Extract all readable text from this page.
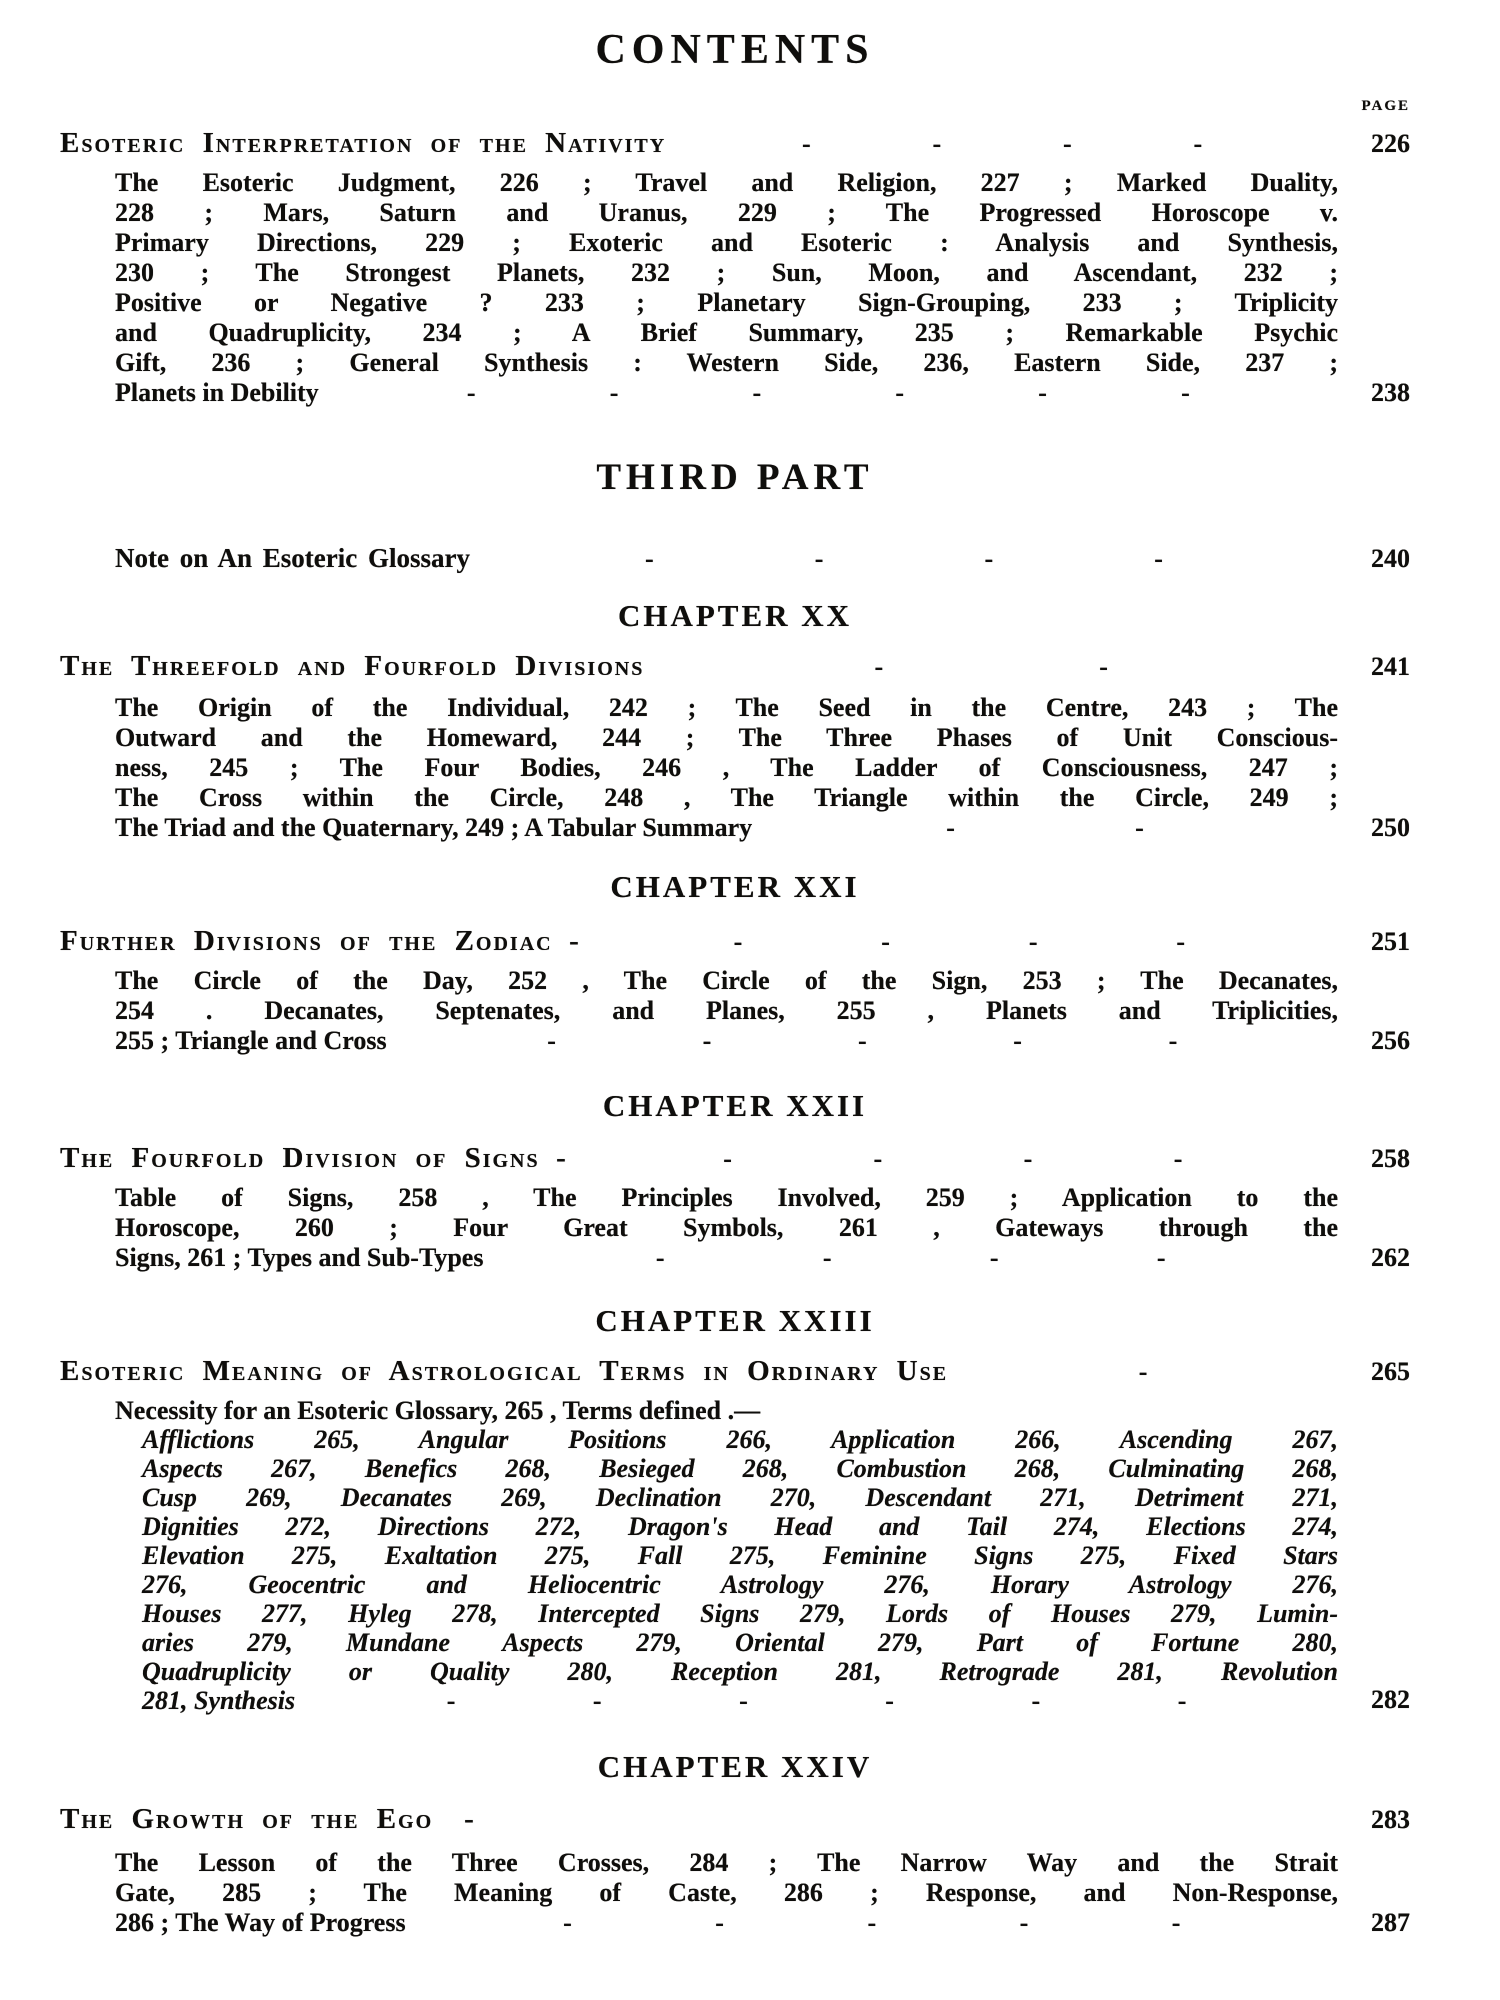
CONTENTS
PAGE
Esoteric Interpretation of the Nativity	-	-	-	-	226
The Esoteric Judgment, 226 ; Travel and Religion, 227 ; Marked Duality,
228 ; Mars, Saturn and Uranus, 229 ; The Progressed Horoscope v.
Primary Directions, 229 ; Exoteric and Esoteric : Analysis and Synthesis,
230 ; The Strongest Planets, 232 ; Sun, Moon, and Ascendant, 232 ;
Positive or Negative ? 233 ; Planetary Sign-Grouping, 233 ; Triplicity
and Quadruplicity, 234 ; A Brief Summary, 235 ; Remarkable Psychic
Gift, 236 ; General Synthesis : Western Side, 236, Eastern Side, 237 ;
Planets in Debility	-	-	-	-	-	-	238
THIRD PART
Note on An Esoteric Glossary	-	-	-	-	240
CHAPTER XX
The Threefold and Fourfold Divisions	-	-	241
The Origin of the Individual, 242 ; The Seed in the Centre, 243 ; The
Outward and the Homeward, 244 ; The Three Phases of Unit Conscious-
ness, 245 ; The Four Bodies, 246 , The Ladder of Consciousness, 247 ;
The Cross within the Circle, 248 , The Triangle within the Circle, 249 ;
The Triad and the Quaternary, 249 ; A Tabular Summary	-	-	250
CHAPTER XXI
Further Divisions of the Zodiac -	-	-	-	-	251
The Circle of the Day, 252 , The Circle of the Sign, 253 ; The Decanates,
254 . Decanates, Septenates, and Planes, 255 , Planets and Triplicities,
255 ; Triangle and Cross	-	-	-	-	-	256
CHAPTER XXII
The Fourfold Division of Signs -	-	-	-	-	258
Table of Signs, 258 , The Principles Involved, 259 ; Application to the
Horoscope, 260 ; Four Great Symbols, 261 , Gateways through the
Signs, 261 ; Types and Sub-Types	-	-	-	-	262
CHAPTER XXIII
Esoteric Meaning of Astrological Terms in Ordinary Use	-	265
Necessity for an Esoteric Glossary, 265 , Terms defined .—
Afflictions 265, Angular Positions 266, Application 266, Ascending 267,
Aspects 267, Benefics 268, Besieged 268, Combustion 268, Culminating 268,
Cusp 269, Decanates 269, Declination 270, Descendant 271, Detriment 271,
Dignities 272, Directions 272, Dragon's Head and Tail 274, Elections 274,
Elevation 275, Exaltation 275, Fall 275, Feminine Signs 275, Fixed Stars
276, Geocentric and Heliocentric Astrology 276, Horary Astrology 276,
Houses 277, Hyleg 278, Intercepted Signs 279, Lords of Houses 279, Lumin-
aries 279, Mundane Aspects 279, Oriental 279, Part of Fortune 280,
Quadruplicity or Quality 280, Reception 281, Retrograde 281, Revolution
281, Synthesis	-	-	-	-	-	-	282
CHAPTER XXIV
The Growth of the Ego -	283
The Lesson of the Three Crosses, 284 ; The Narrow Way and the Strait
Gate, 285 ; The Meaning of Caste, 286 ; Response, and Non-Response,
286 ; The Way of Progress	-	-	-	-	-	287
